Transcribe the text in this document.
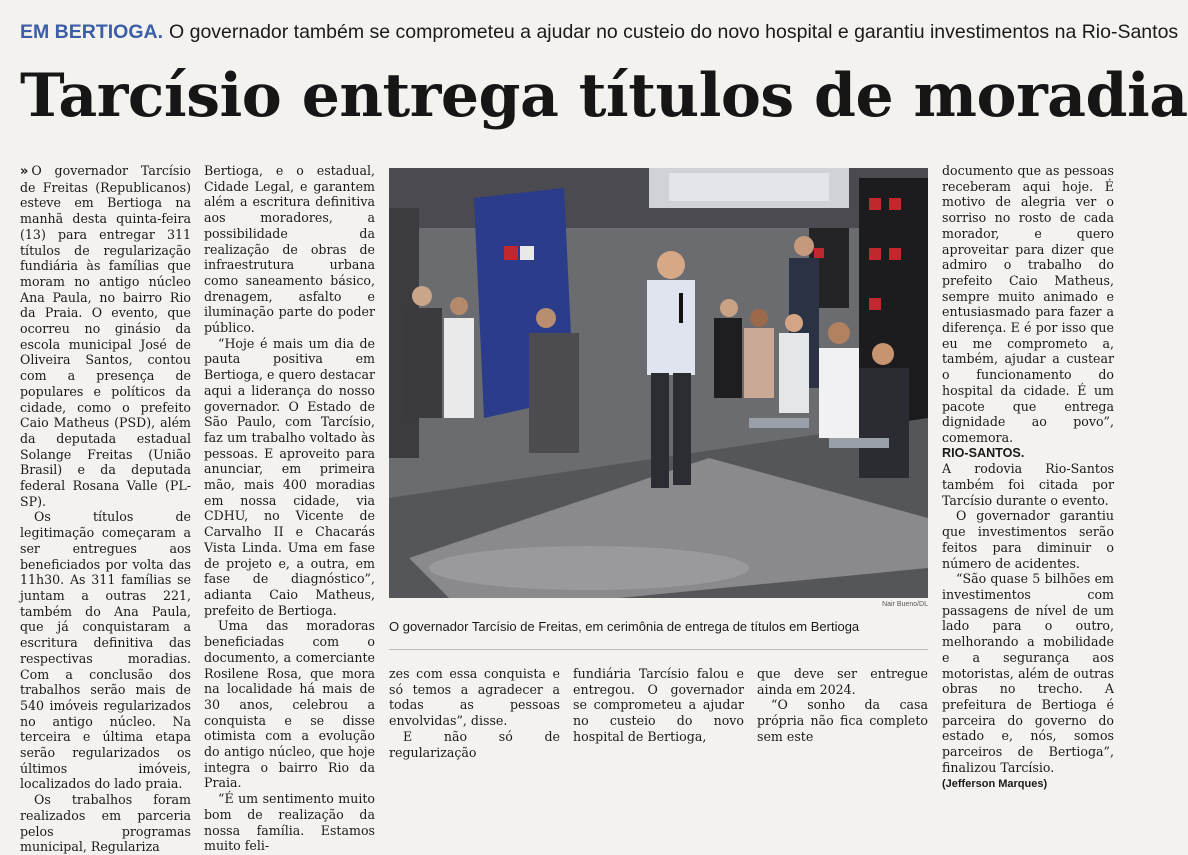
EM BERTIOGA. O governador também se comprometeu a ajudar no custeio do novo hospital e garantiu investimentos na Rio-Santos
Tarcísio entrega títulos de moradia

» O governador Tarcísio de Freitas (Republicanos) esteve em Bertioga na manhã desta quinta-feira (13) para entregar 311 títulos de regularização fundiária às famílias que moram no antigo núcleo Ana Paula, no bairro Rio da Praia. O evento, que ocorreu no ginásio da escola municipal José de Oliveira Santos, contou com a presença de populares e políticos da cidade, como o prefeito Caio Matheus (PSD), além da deputada estadual Solange Freitas (União Brasil) e da deputada federal Rosana Valle (PL-SP).

Os títulos de legitimação começaram a ser entregues aos beneficiados por volta das 11h30. As 311 famílias se juntam a outras 221, também do Ana Paula, que já conquistaram a escritura definitiva das respectivas moradias. Com a conclusão dos trabalhos serão mais de 540 imóveis regularizados no antigo núcleo. Na terceira e última etapa serão regularizados os últimos imóveis, localizados do lado praia.

Os trabalhos foram realizados em parceria pelos programas municipal, Regulariza

Bertioga, e o estadual, Cidade Legal, e garantem além a escritura definitiva aos moradores, a possibilidade da realização de obras de infraestrutura urbana como saneamento básico, drenagem, asfalto e iluminação parte do poder público.

“Hoje é mais um dia de pauta positiva em Bertioga, e quero destacar aqui a liderança do nosso governador. O Estado de São Paulo, com Tarcísio, faz um trabalho voltado às pessoas. E aproveito para anunciar, em primeira mão, mais 400 moradias em nossa cidade, via CDHU, no Vicente de Carvalho II e Chacarás Vista Linda. Uma em fase de projeto e, a outra, em fase de diagnóstico”, adianta Caio Matheus, prefeito de Bertioga.

Uma das moradoras beneficiadas com o documento, a comerciante Rosilene Rosa, que mora na localidade há mais de 30 anos, celebrou a conquista e se disse otimista com a evolução do antigo núcleo, que hoje integra o bairro Rio da Praia.

“É um sentimento muito bom de realização da nossa família. Estamos muito feli-

Nair Bueno/DL
O governador Tarcísio de Freitas, em cerimônia de entrega de títulos em Bertioga

zes com essa conquista e só temos a agradecer a todas as pessoas envolvidas”, disse.

E não só de regularização

fundiária Tarcísio falou e entregou. O governador se comprometeu a ajudar no custeio do novo hospital de Bertioga,

que deve ser entregue ainda em 2024.

“O sonho da casa própria não fica completo sem este

documento que as pessoas receberam aqui hoje. É motivo de alegria ver o sorriso no rosto de cada morador, e quero aproveitar para dizer que admiro o trabalho do prefeito Caio Matheus, sempre muito animado e entusiasmado para fazer a diferença. E é por isso que eu me comprometo a, também, ajudar a custear o funcionamento do hospital da cidade. É um pacote que entrega dignidade ao povo”, comemora.

RIO-SANTOS.

A rodovia Rio-Santos também foi citada por Tarcísio durante o evento.

O governador garantiu que investimentos serão feitos para diminuir o número de acidentes.

“São quase 5 bilhões em investimentos com passagens de nível de um lado para o outro, melhorando a mobilidade e a segurança aos motoristas, além de outras obras no trecho. A prefeitura de Bertioga é parceira do governo do estado e, nós, somos parceiros de Bertioga”, finalizou Tarcísio.

(Jefferson Marques)
